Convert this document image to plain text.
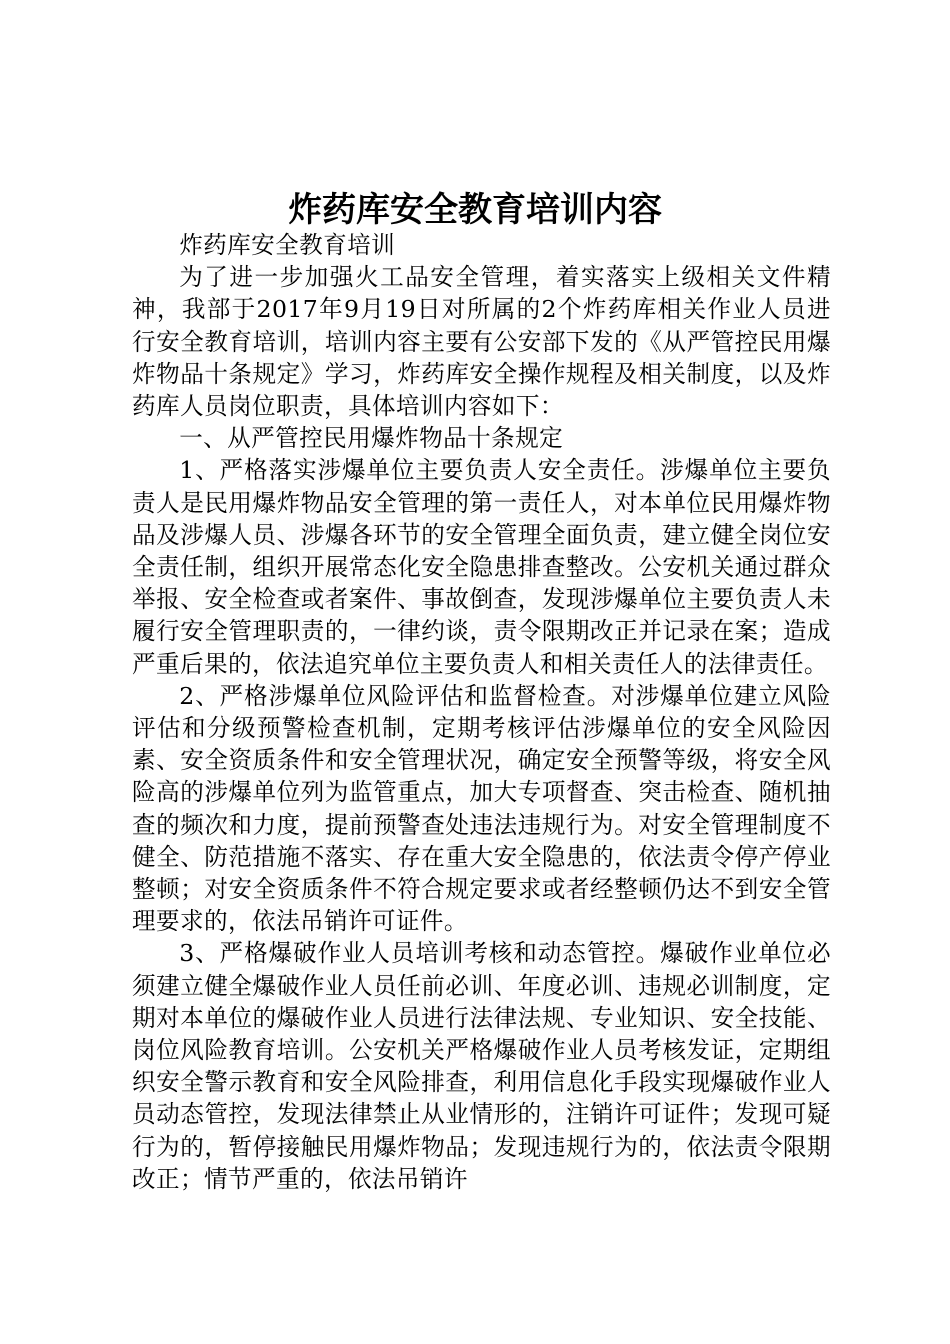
炸药库安全教育培训内容

炸药库安全教育培训

为了进一步加强火工品安全管理，着实落实上级相关文件精神，我部于2017年9月19日对所属的2个炸药库相关作业人员进行安全教育培训，培训内容主要有公安部下发的《从严管控民用爆炸物品十条规定》学习，炸药库安全操作规程及相关制度，以及炸药库人员岗位职责，具体培训内容如下：

一、从严管控民用爆炸物品十条规定

1、严格落实涉爆单位主要负责人安全责任。涉爆单位主要负责人是民用爆炸物品安全管理的第一责任人，对本单位民用爆炸物品及涉爆人员、涉爆各环节的安全管理全面负责，建立健全岗位安全责任制，组织开展常态化安全隐患排查整改。公安机关通过群众举报、安全检查或者案件、事故倒查，发现涉爆单位主要负责人未履行安全管理职责的，一律约谈，责令限期改正并记录在案；造成严重后果的，依法追究单位主要负责人和相关责任人的法律责任。

2、严格涉爆单位风险评估和监督检查。对涉爆单位建立风险评估和分级预警检查机制，定期考核评估涉爆单位的安全风险因素、安全资质条件和安全管理状况，确定安全预警等级，将安全风险高的涉爆单位列为监管重点，加大专项督查、突击检查、随机抽查的频次和力度，提前预警查处违法违规行为。对安全管理制度不健全、防范措施不落实、存在重大安全隐患的，依法责令停产停业整顿；对安全资质条件不符合规定要求或者经整顿仍达不到安全管理要求的，依法吊销许可证件。

3、严格爆破作业人员培训考核和动态管控。爆破作业单位必须建立健全爆破作业人员任前必训、年度必训、违规必训制度，定期对本单位的爆破作业人员进行法律法规、专业知识、安全技能、岗位风险教育培训。公安机关严格爆破作业人员考核发证，定期组织安全警示教育和安全风险排查，利用信息化手段实现爆破作业人员动态管控，发现法律禁止从业情形的，注销许可证件；发现可疑行为的，暂停接触民用爆炸物品；发现违规行为的，依法责令限期改正；情节严重的，依法吊销许
